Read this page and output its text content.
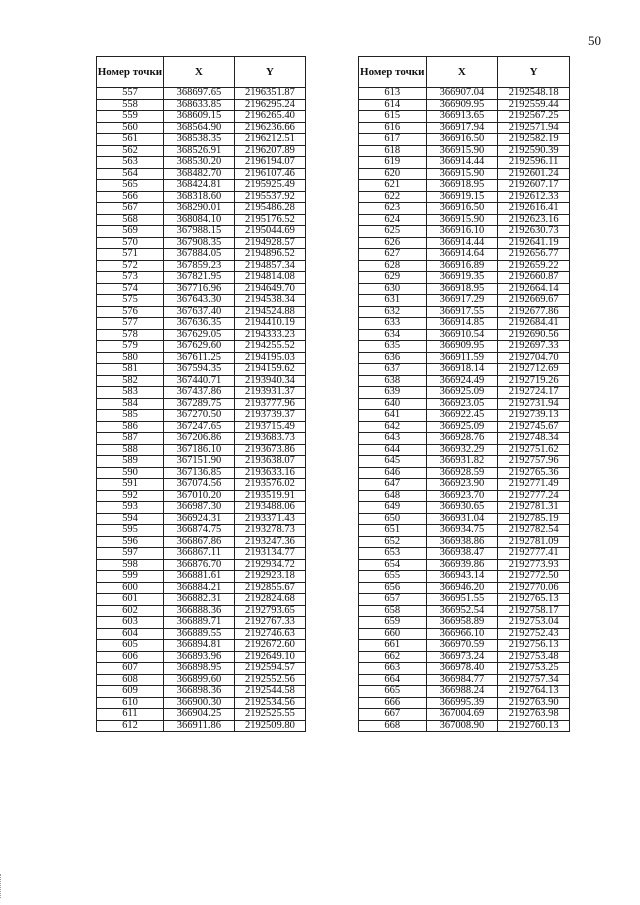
50
Номер точки	X	Y
557	368697.65	2196351.87
558	368633.85	2196295.24
559	368609.15	2196265.40
560	368564.90	2196236.66
561	368538.35	2196212.51
562	368526.91	2196207.89
563	368530.20	2196194.07
564	368482.70	2196107.46
565	368424.81	2195925.49
566	368318.60	2195537.92
567	368290.01	2195486.28
568	368084.10	2195176.52
569	367988.15	2195044.69
570	367908.35	2194928.57
571	367884.05	2194896.52
572	367859.23	2194857.34
573	367821.95	2194814.08
574	367716.96	2194649.70
575	367643.30	2194538.34
576	367637.40	2194524.88
577	367636.35	2194410.19
578	367629.05	2194333.23
579	367629.60	2194255.52
580	367611.25	2194195.03
581	367594.35	2194159.62
582	367440.71	2193940.34
583	367437.86	2193931.37
584	367289.75	2193777.96
585	367270.50	2193739.37
586	367247.65	2193715.49
587	367206.86	2193683.73
588	367186.10	2193673.86
589	367151.90	2193638.07
590	367136.85	2193633.16
591	367074.56	2193576.02
592	367010.20	2193519.91
593	366987.30	2193488.06
594	366924.31	2193371.43
595	366874.75	2193278.73
596	366867.86	2193247.36
597	366867.11	2193134.77
598	366876.70	2192934.72
599	366881.61	2192923.18
600	366884.21	2192855.67
601	366882.31	2192824.68
602	366888.36	2192793.65
603	366889.71	2192767.33
604	366889.55	2192746.63
605	366894.81	2192672.60
606	366893.96	2192649.10
607	366898.95	2192594.57
608	366899.60	2192552.56
609	366898.36	2192544.58
610	366900.30	2192534.56
611	366904.25	2192525.55
612	366911.86	2192509.80
Номер точки	X	Y
613	366907.04	2192548.18
614	366909.95	2192559.44
615	366913.65	2192567.25
616	366917.94	2192571.94
617	366916.50	2192582.19
618	366915.90	2192590.39
619	366914.44	2192596.11
620	366915.90	2192601.24
621	366918.95	2192607.17
622	366919.15	2192612.33
623	366916.50	2192616.41
624	366915.90	2192623.16
625	366916.10	2192630.73
626	366914.44	2192641.19
627	366914.64	2192656.77
628	366916.89	2192659.22
629	366919.35	2192660.87
630	366918.95	2192664.14
631	366917.29	2192669.67
632	366917.55	2192677.86
633	366914.85	2192684.41
634	366910.54	2192690.56
635	366909.95	2192697.33
636	366911.59	2192704.70
637	366918.14	2192712.69
638	366924.49	2192719.26
639	366925.09	2192724.17
640	366923.05	2192731.94
641	366922.45	2192739.13
642	366925.09	2192745.67
643	366928.76	2192748.34
644	366932.29	2192751.62
645	366931.82	2192757.96
646	366928.59	2192765.36
647	366923.90	2192771.49
648	366923.70	2192777.24
649	366930.65	2192781.31
650	366931.04	2192785.19
651	366934.75	2192782.54
652	366938.86	2192781.09
653	366938.47	2192777.41
654	366939.86	2192773.93
655	366943.14	2192772.50
656	366946.20	2192770.06
657	366951.55	2192765.13
658	366952.54	2192758.17
659	366958.89	2192753.04
660	366966.10	2192752.43
661	366970.59	2192756.13
662	366973.24	2192753.48
663	366978.40	2192753.25
664	366984.77	2192757.34
665	366988.24	2192764.13
666	366995.39	2192763.90
667	367004.69	2192763.98
668	367008.90	2192760.13
